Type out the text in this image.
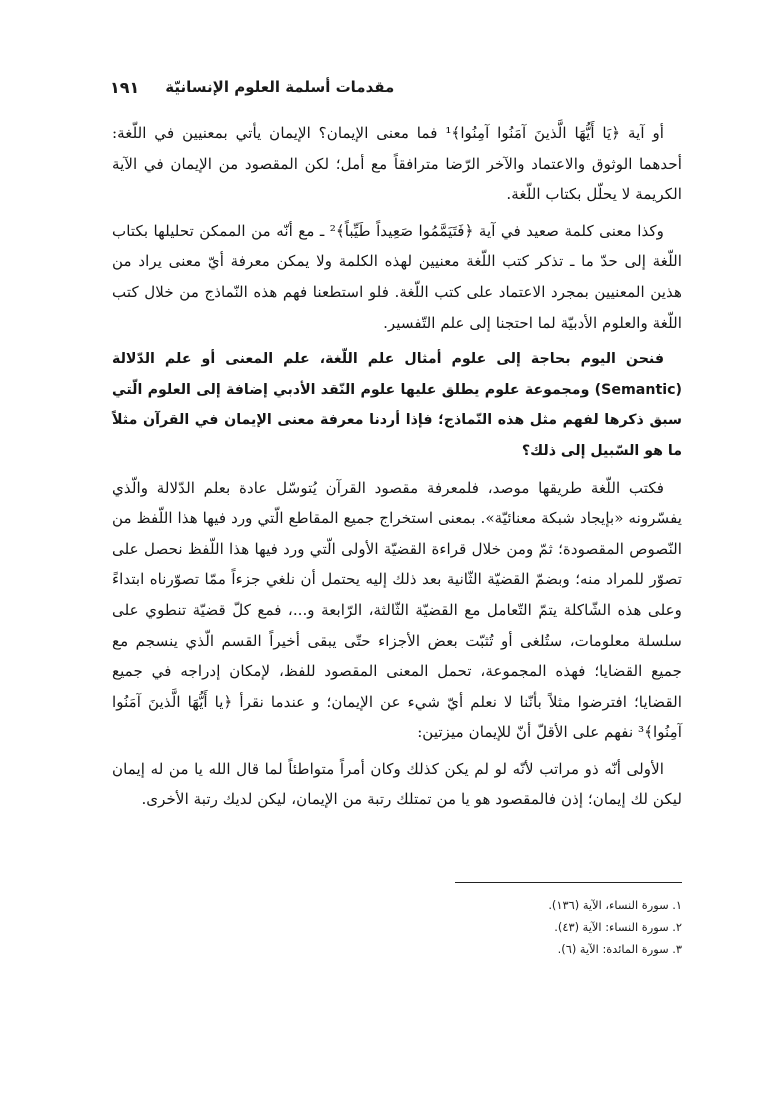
مقدمات أسلمة العلوم الإنسانيّة
١٩١

أو آية ﴿يَا أَيُّهَا الَّذينَ آمَنُوا آمِنُوا﴾¹ فما معنى الإيمان؟ الإيمان يأتي بمعنيين في اللّغة: أحدهما الوثوق والاعتماد والآخر الرّضا مترافقاً مع أمل؛ لكن المقصود من الإيمان في الآية الكريمة لا يحلّل بكتاب اللّغة.

وكذا معنى كلمة صعيد في آية ﴿فَتَيَمَّمُوا صَعِيداً طَيِّباً﴾² ـ مع أنّه من الممكن تحليلها بكتاب اللّغة إلى حدّ ما ـ تذكر كتب اللّغة معنيين لهذه الكلمة ولا يمكن معرفة أيّ معنى يراد من هذين المعنيين بمجرد الاعتماد على كتب اللّغة. فلو استطعنا فهم هذه النّماذج من خلال كتب اللّغة والعلوم الأدبيّة لما احتجنا إلى علم التّفسير.

فنحن اليوم بحاجة إلى علوم أمثال علم اللّغة، علم المعنى أو علم الدّلالة (Semantic) ومجموعة علوم يطلق عليها علوم النّقد الأدبي إضافة إلى العلوم الّتي سبق ذكرها لفهم مثل هذه النّماذج؛ فإذا أردنا معرفة معنى الإيمان في القرآن مثلاً ما هو السّبيل إلى ذلك؟

فكتب اللّغة طريقها موصد، فلمعرفة مقصود القرآن يُتوسّل عادة بعلم الدّلالة والّذي يفسّرونه «بإيجاد شبكة معنائيّة». بمعنى استخراج جميع المقاطع الّتي ورد فيها هذا اللّفظ من النّصوص المقصودة؛ ثمّ ومن خلال قراءة القضيّة الأولى الّتي ورد فيها هذا اللّفظ نحصل على تصوّر للمراد منه؛ وبضمّ القضيّة الثّانية بعد ذلك إليه يحتمل أن نلغي جزءاً ممّا تصوّرناه ابتداءً وعلى هذه الشّاكلة يتمّ التّعامل مع القضيّة الثّالثة، الرّابعة و...، فمع كلّ قضيّة تنطوي على سلسلة معلومات، ستُلغى أو تُثبّت بعض الأجزاء حتّى يبقى أخيراً القسم الّذي ينسجم مع جميع القضايا؛ فهذه المجموعة، تحمل المعنى المقصود للفظ، لإمكان إدراجه في جميع القضايا؛ افترضوا مثلاً بأنّنا لا نعلم أيّ شيء عن الإيمان؛ و عندما نقرأ ﴿يا أَيُّهَا الَّذينَ آمَنُوا آمِنُوا﴾³ نفهم على الأقلّ أنّ للإيمان ميزتين:

الأولى أنّه ذو مراتب لأنّه لو لم يكن كذلك وكان أمراً متواطئاً لما قال الله يا من له إيمان ليكن لك إيمان؛ إذن فالمقصود هو يا من تمتلك رتبة من الإيمان، ليكن لديك رتبة الأخرى.

١. سورة النساء، الآية (١٣٦).
٢. سورة النساء: الآية (٤٣).
٣. سورة المائدة: الآية (٦).
